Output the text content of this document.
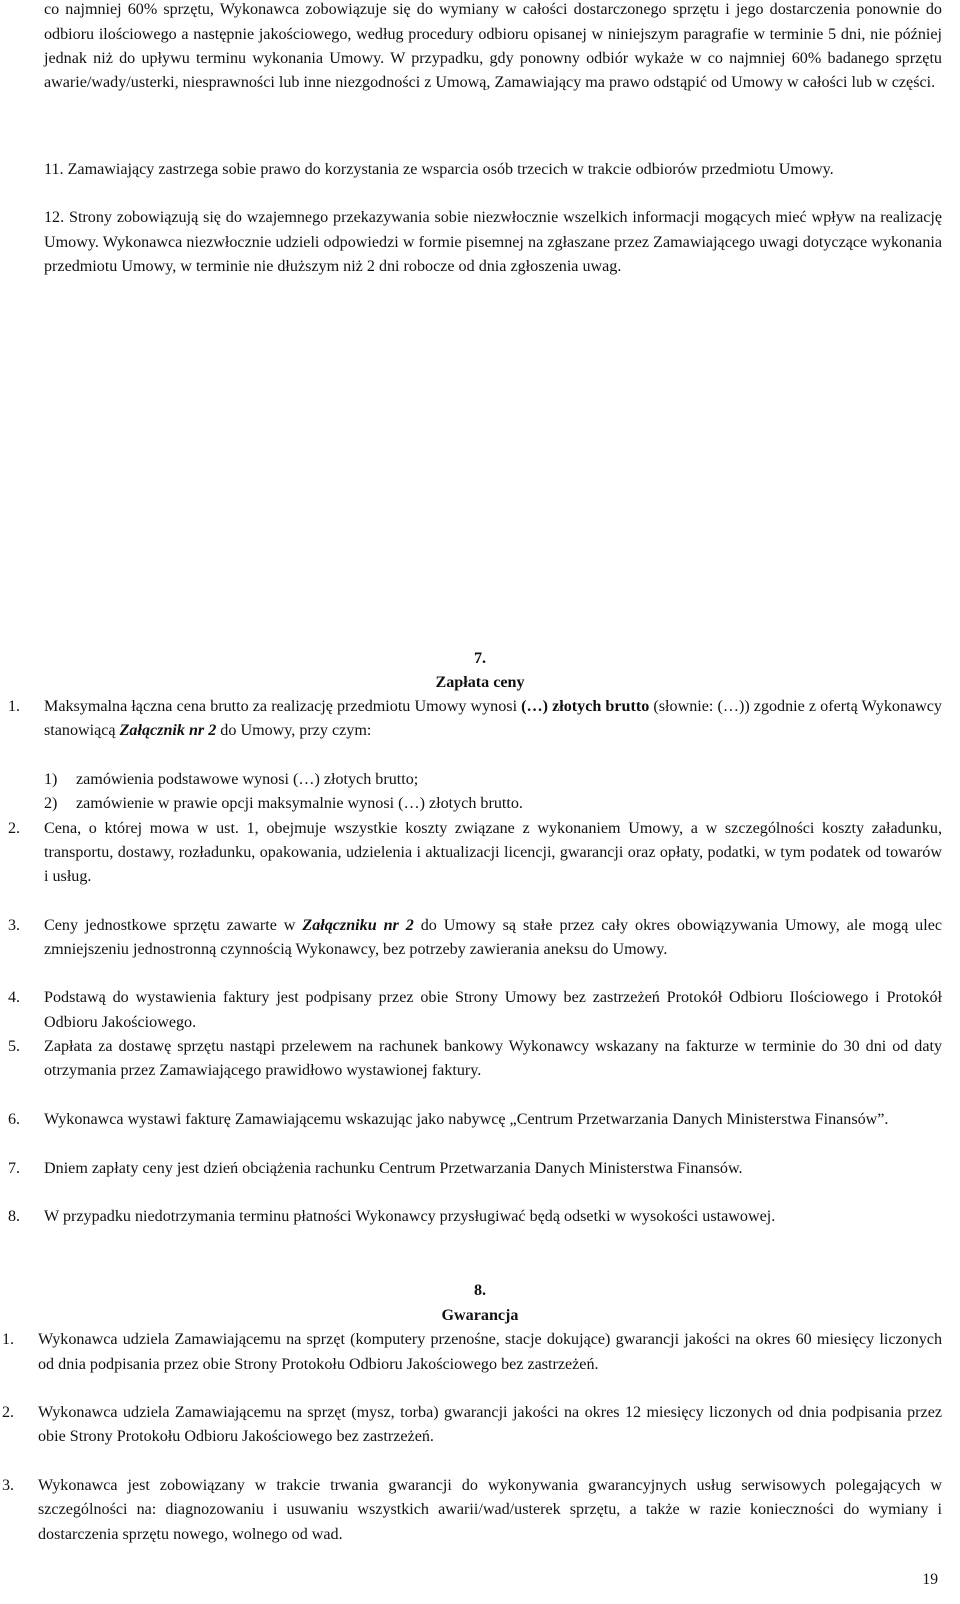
co najmniej 60% sprzętu, Wykonawca zobowiązuje się do wymiany w całości dostarczonego sprzętu i jego dostarczenia ponownie do odbioru ilościowego a następnie jakościowego, według procedury odbioru opisanej w niniejszym paragrafie w terminie 5 dni, nie później jednak niż do upływu terminu wykonania Umowy. W przypadku, gdy ponowny odbiór wykaże w co najmniej 60% badanego sprzętu awarie/wady/usterki, niesprawności lub inne niezgodności z Umową, Zamawiający ma prawo odstąpić od Umowy w całości lub w części.

11. Zamawiający zastrzega sobie prawo do korzystania ze wsparcia osób trzecich w trakcie odbiorów przedmiotu Umowy.

12. Strony zobowiązują się do wzajemnego przekazywania sobie niezwłocznie wszelkich informacji mogących mieć wpływ na realizację Umowy. Wykonawca niezwłocznie udzieli odpowiedzi w formie pisemnej na zgłaszane przez Zamawiającego uwagi dotyczące wykonania przedmiotu Umowy, w terminie nie dłuższym niż 2 dni robocze od dnia zgłoszenia uwag.

7.

Zapłata ceny

1. Maksymalna łączna cena brutto za realizację przedmiotu Umowy wynosi (…) złotych brutto (słownie: (…)) zgodnie z ofertą Wykonawcy stanowiącą Załącznik nr 2 do Umowy, przy czym:

1) zamówienia podstawowe wynosi (…) złotych brutto;

2) zamówienie w prawie opcji maksymalnie wynosi (…) złotych brutto.

2. Cena, o której mowa w ust. 1, obejmuje wszystkie koszty związane z wykonaniem Umowy, a w szczególności koszty załadunku, transportu, dostawy, rozładunku, opakowania, udzielenia i aktualizacji licencji, gwarancji oraz opłaty, podatki, w tym podatek od towarów i usług.

3. Ceny jednostkowe sprzętu zawarte w Załączniku nr 2 do Umowy są stałe przez cały okres obowiązywania Umowy, ale mogą ulec zmniejszeniu jednostronną czynnością Wykonawcy, bez potrzeby zawierania aneksu do Umowy.

4. Podstawą do wystawienia faktury jest podpisany przez obie Strony Umowy bez zastrzeżeń Protokół Odbioru Ilościowego i Protokół Odbioru Jakościowego.

5. Zapłata za dostawę sprzętu nastąpi przelewem na rachunek bankowy Wykonawcy wskazany na fakturze w terminie do 30 dni od daty otrzymania przez Zamawiającego prawidłowo wystawionej faktury.

6. Wykonawca wystawi fakturę Zamawiającemu wskazując jako nabywcę „Centrum Przetwarzania Danych Ministerstwa Finansów”.

7. Dniem zapłaty ceny jest dzień obciążenia rachunku Centrum Przetwarzania Danych Ministerstwa Finansów.

8. W przypadku niedotrzymania terminu płatności Wykonawcy przysługiwać będą odsetki w wysokości ustawowej.

8.

Gwarancja

1. Wykonawca udziela Zamawiającemu na sprzęt (komputery przenośne, stacje dokujące) gwarancji jakości na okres 60 miesięcy liczonych od dnia podpisania przez obie Strony Protokołu Odbioru Jakościowego bez zastrzeżeń.

2. Wykonawca udziela Zamawiającemu na sprzęt (mysz, torba) gwarancji jakości na okres 12 miesięcy liczonych od dnia podpisania przez obie Strony Protokołu Odbioru Jakościowego bez zastrzeżeń.

3. Wykonawca jest zobowiązany w trakcie trwania gwarancji do wykonywania gwarancyjnych usług serwisowych polegających w szczególności na: diagnozowaniu i usuwaniu wszystkich awarii/wad/usterek sprzętu, a także w razie konieczności do wymiany i dostarczenia sprzętu nowego, wolnego od wad.

19
